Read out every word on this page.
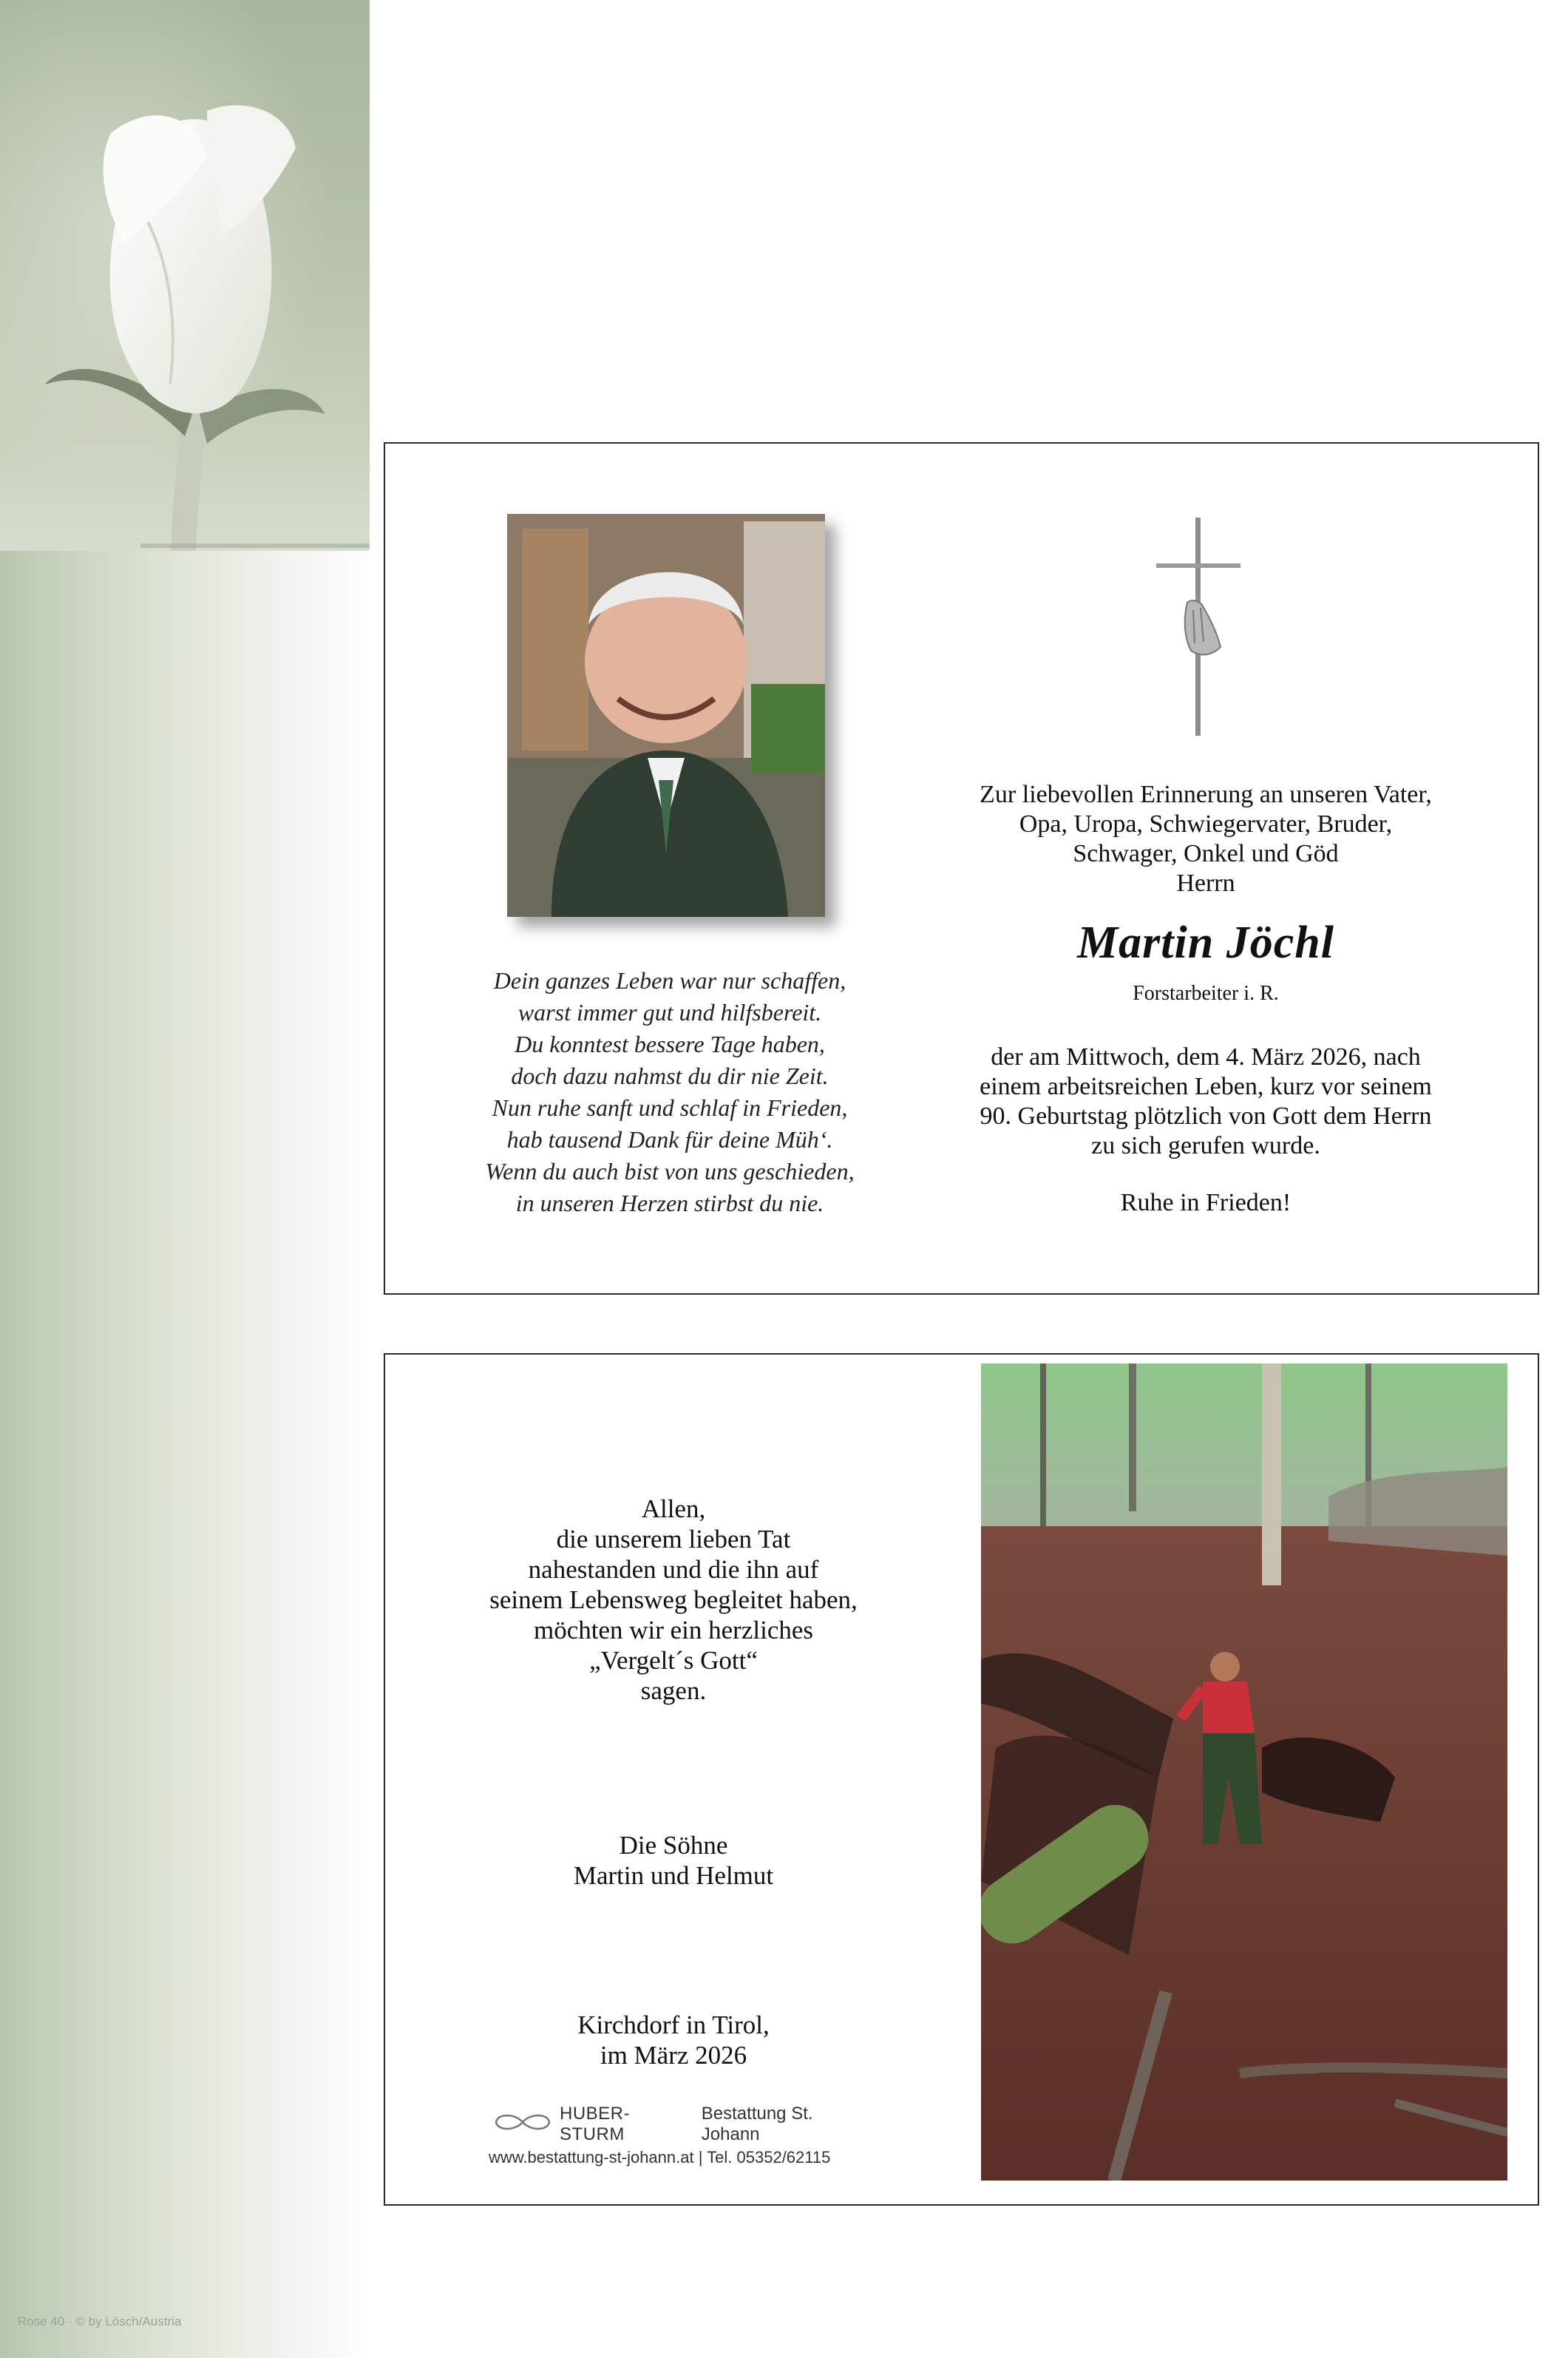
Rose 40 · © by Lösch/Austria
Dein ganzes Leben war nur schaffen,
warst immer gut und hilfsbereit.
Du konntest bessere Tage haben,
doch dazu nahmst du dir nie Zeit.
Nun ruhe sanft und schlaf in Frieden,
hab tausend Dank für deine Müh‘.
Wenn du auch bist von uns geschieden,
in unseren Herzen stirbst du nie.
Zur liebevollen Erinnerung an unseren Vater,
Opa, Uropa, Schwiegervater, Bruder,
Schwager, Onkel und Göd
Herrn
Martin Jöchl
Forstarbeiter i. R.
der am Mittwoch, dem 4. März 2026, nach
einem arbeitsreichen Leben, kurz vor seinem
90. Geburtstag plötzlich von Gott dem Herrn
zu sich gerufen wurde.
Ruhe in Frieden!
Allen,
die unserem lieben Tat
nahestanden und die ihn auf
seinem Lebensweg begleitet haben,
möchten wir ein herzliches
„Vergelt´s Gott“
sagen.
Die Söhne
Martin und Helmut
Kirchdorf in Tirol,
im März 2026
HUBER-STURM
Bestattung St. Johann
www.bestattung-st-johann.at | Tel. 05352/62115
